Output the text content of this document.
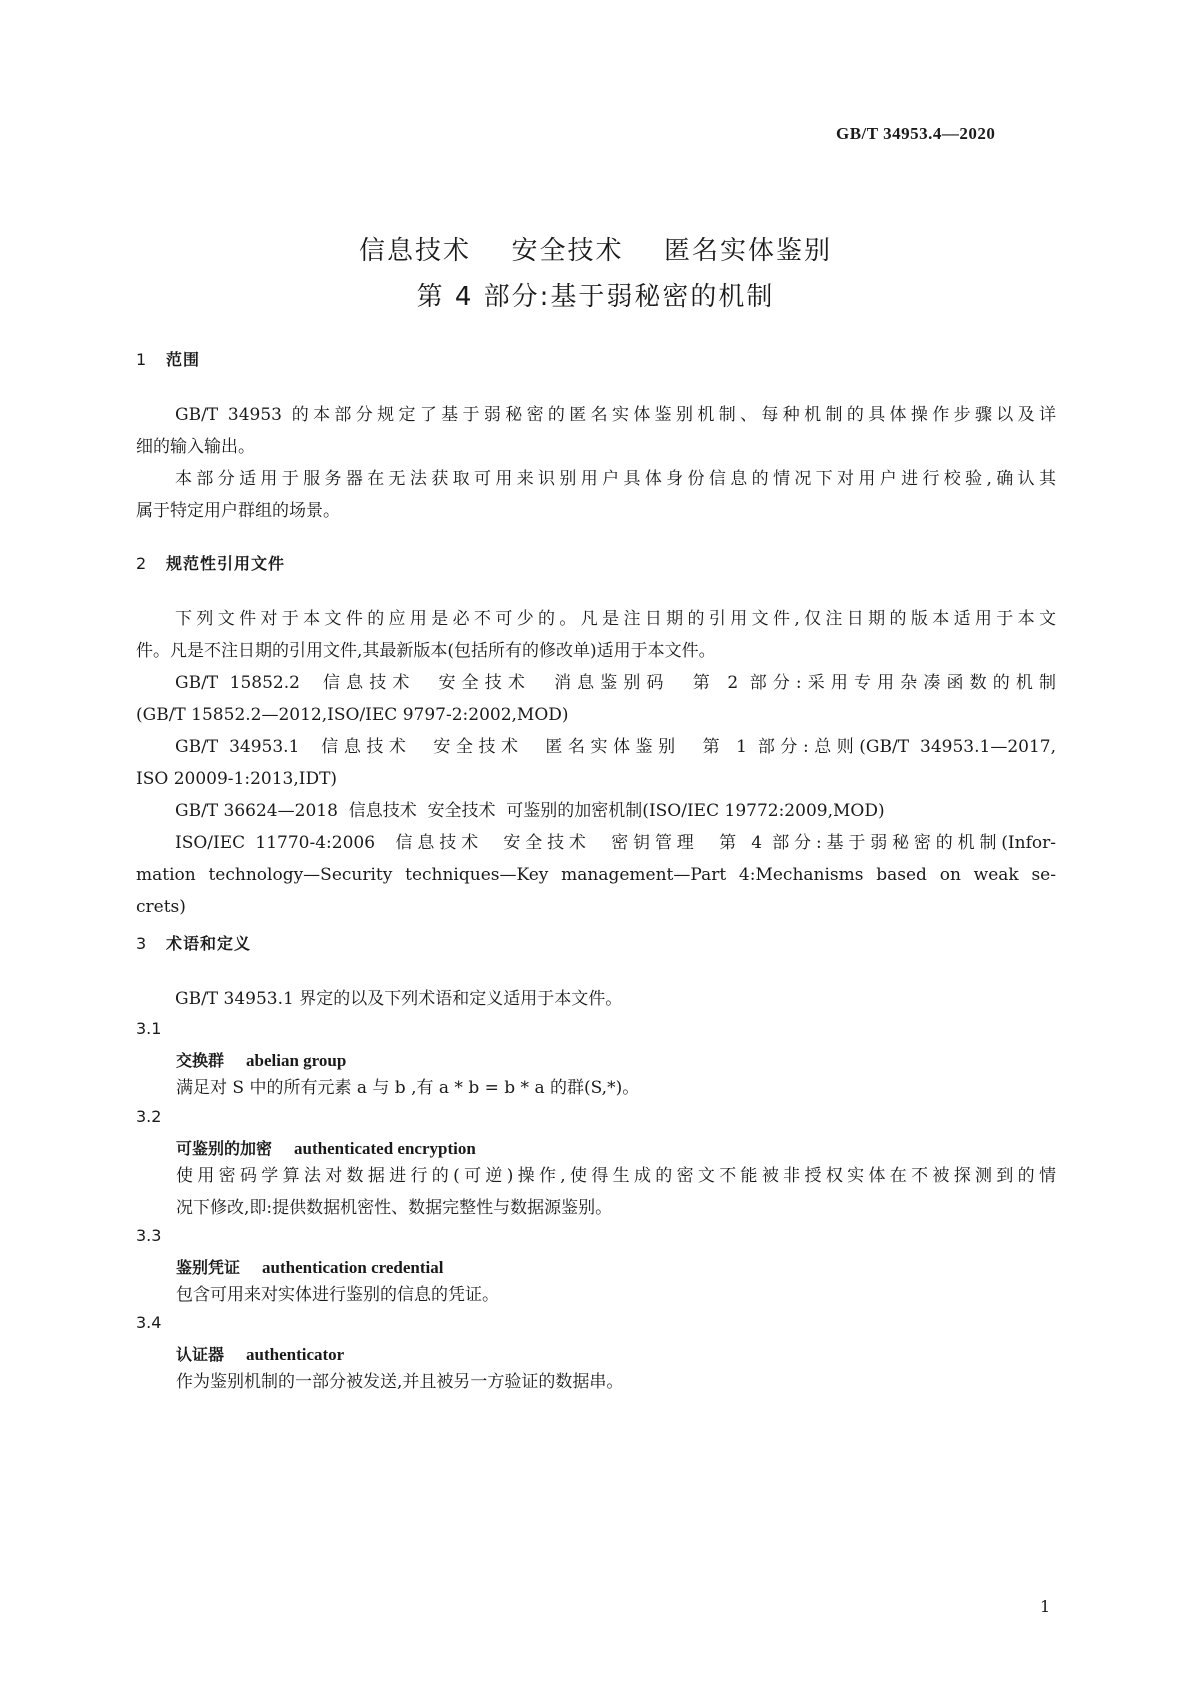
GB/T 34953.4—2020
信息技术  安全技术  匿名实体鉴别
第 4 部分:基于弱秘密的机制
1 范围
GB/T 34953 的本部分规定了基于弱秘密的匿名实体鉴别机制、每种机制的具体操作步骤以及详
细的输入输出。
本部分适用于服务器在无法获取可用来识别用户具体身份信息的情况下对用户进行校验,确认其
属于特定用户群组的场景。
2 规范性引用文件
下列文件对于本文件的应用是必不可少的。凡是注日期的引用文件,仅注日期的版本适用于本文
件。凡是不注日期的引用文件,其最新版本(包括所有的修改单)适用于本文件。
GB/T 15852.2  信息技术  安全技术  消息鉴别码  第 2 部分:采用专用杂凑函数的机制
(GB/T 15852.2—2012,ISO/IEC 9797-2:2002,MOD)
GB/T 34953.1  信息技术  安全技术  匿名实体鉴别  第 1 部分:总则(GB/T 34953.1—2017,
ISO 20009-1:2013,IDT)
GB/T 36624—2018  信息技术  安全技术  可鉴别的加密机制(ISO/IEC 19772:2009,MOD)
ISO/IEC 11770-4:2006  信息技术  安全技术  密钥管理  第 4 部分:基于弱秘密的机制(Infor-
mation technology—Security techniques—Key management—Part 4:Mechanisms based on weak se-
crets)
3 术语和定义
GB/T 34953.1 界定的以及下列术语和定义适用于本文件。
3.1
交换群 abelian group
满足对 S 中的所有元素 a 与 b ,有 a * b = b * a 的群(S,*)。
3.2
可鉴别的加密 authenticated encryption
使用密码学算法对数据进行的(可逆)操作,使得生成的密文不能被非授权实体在不被探测到的情
况下修改,即:提供数据机密性、数据完整性与数据源鉴别。
3.3
鉴别凭证 authentication credential
包含可用来对实体进行鉴别的信息的凭证。
3.4
认证器 authenticator
作为鉴别机制的一部分被发送,并且被另一方验证的数据串。
1
